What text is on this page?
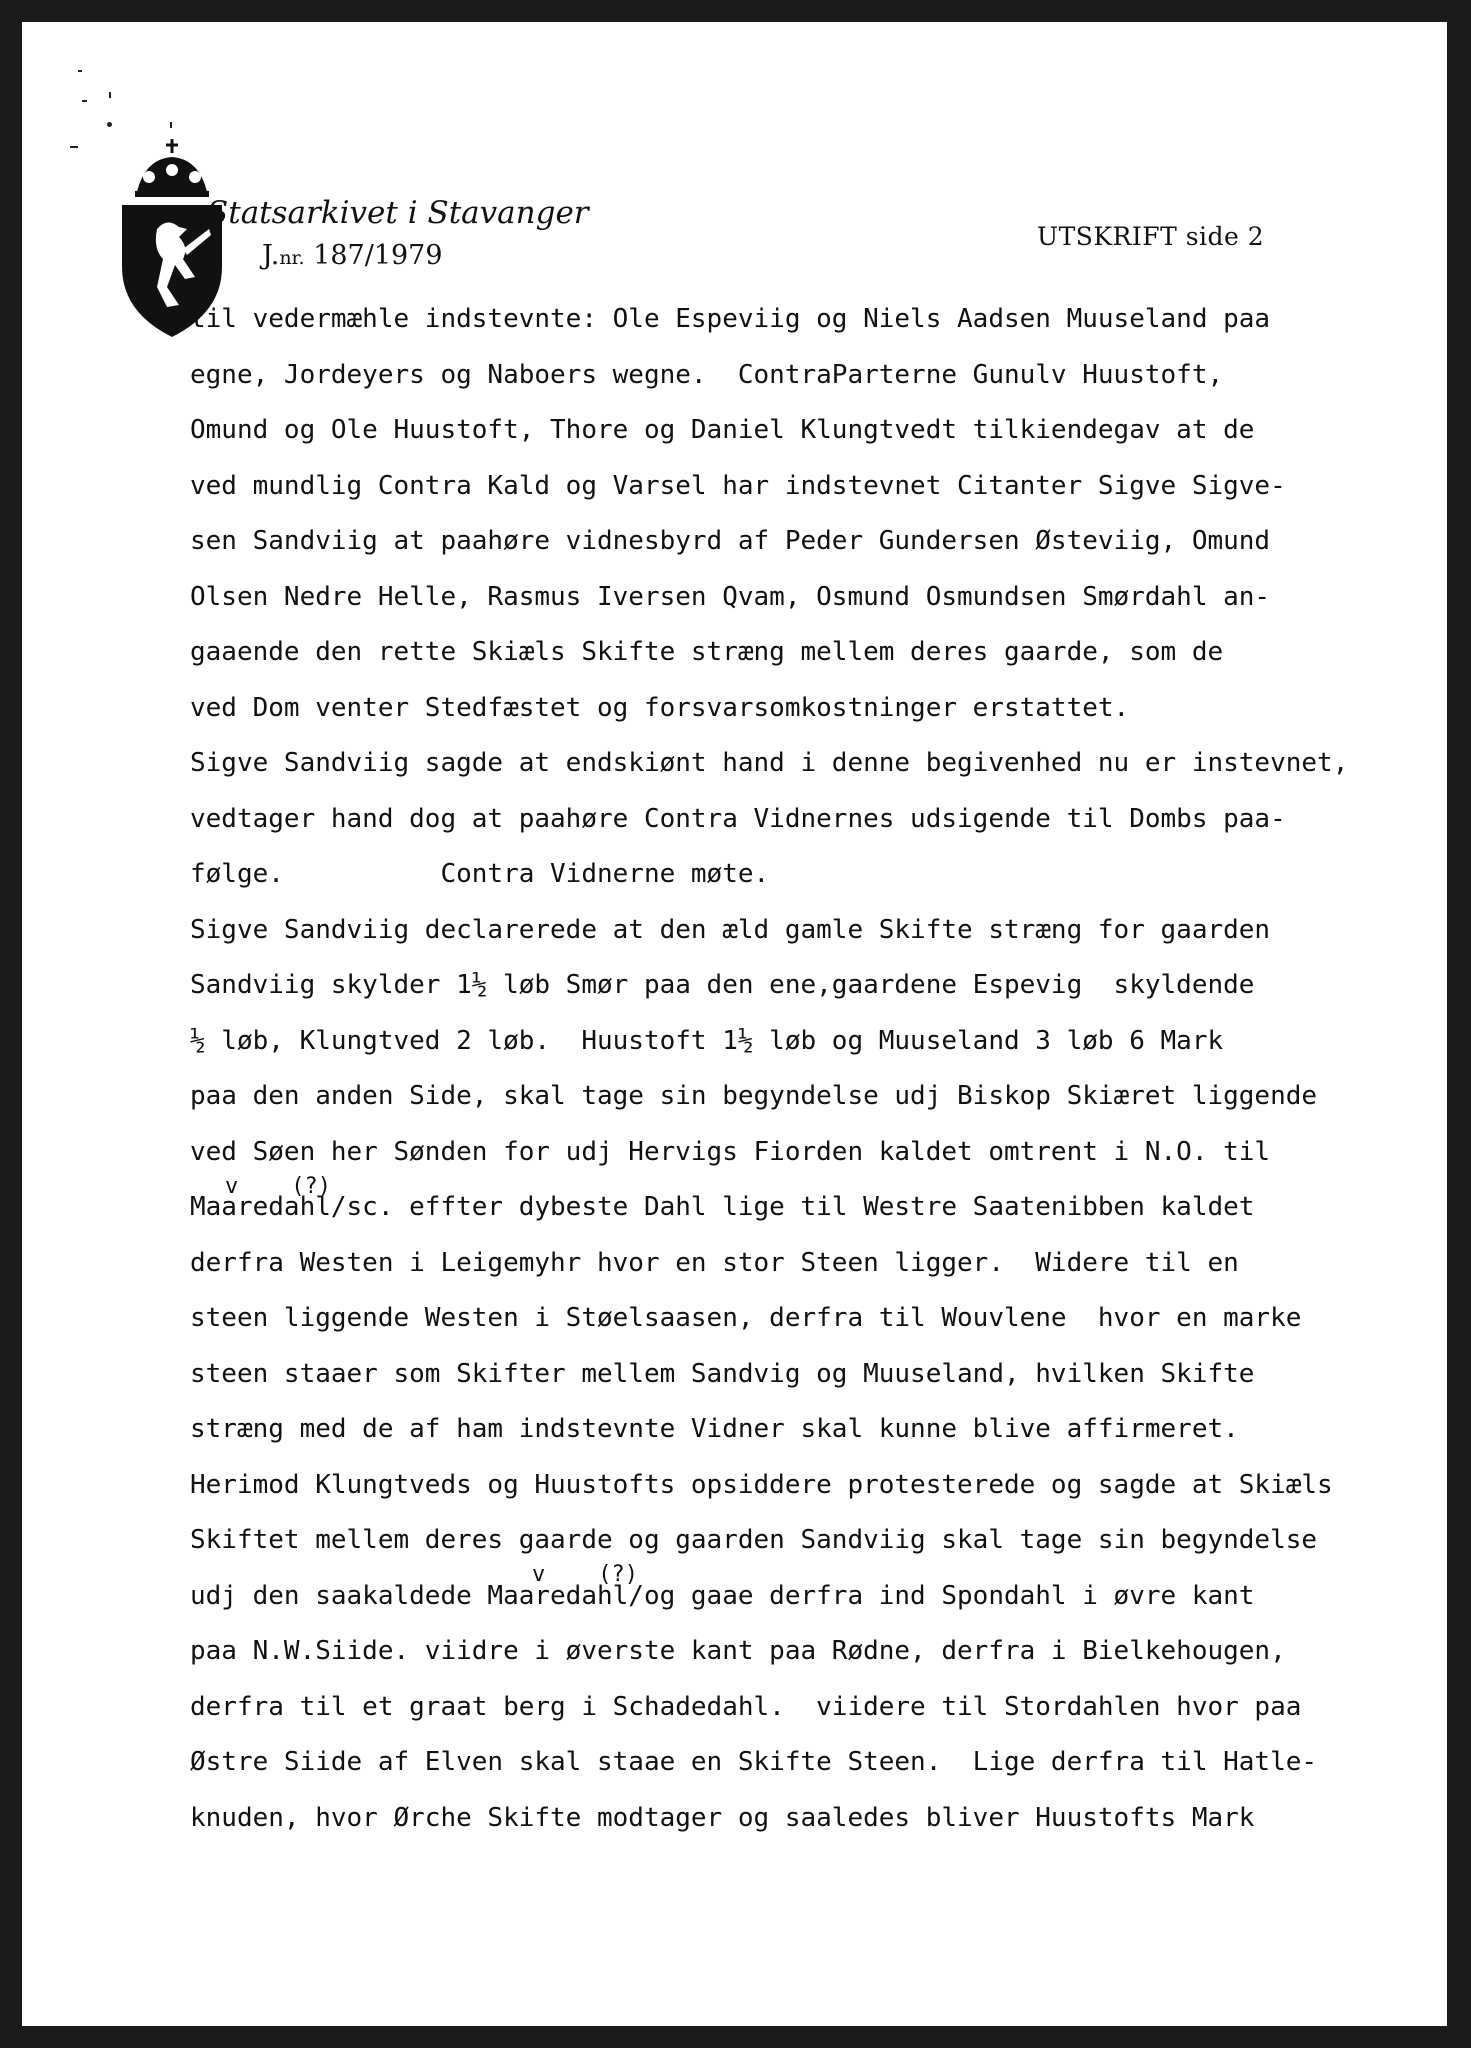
Statsarkivet i Stavanger
J.nr. 187/1979
UTSKRIFT side 2
til vedermæhle indstevnte: Ole Espeviig og Niels Aadsen Muuseland paa
egne, Jordeyers og Naboers wegne.  ContraParterne Gunulv Huustoft,
Omund og Ole Huustoft, Thore og Daniel Klungtvedt tilkiendegav at de
ved mundlig Contra Kald og Varsel har indstevnet Citanter Sigve Sigve-
sen Sandviig at paahøre vidnesbyrd af Peder Gundersen Østeviig, Omund
Olsen Nedre Helle, Rasmus Iversen Qvam, Osmund Osmundsen Smørdahl an-
gaaende den rette Skiæls Skifte stræng mellem deres gaarde, som de
ved Dom venter Stedfæstet og forsvarsomkostninger erstattet.
Sigve Sandviig sagde at endskiønt hand i denne begivenhed nu er instevnet,
vedtager hand dog at paahøre Contra Vidnernes udsigende til Dombs paa-
følge.          Contra Vidnerne møte.
Sigve Sandviig declarerede at den æld gamle Skifte stræng for gaarden
Sandviig skylder 1½ løb Smør paa den ene,gaardene Espevig  skyldende
½ løb, Klungtved 2 løb.  Huustoft 1½ løb og Muuseland 3 løb 6 Mark
paa den anden Side, skal tage sin begyndelse udj Biskop Skiæret liggende
ved Søen her Sønden for udj Hervigs Fiorden kaldet omtrent i N.O. til
Maaredahl/sc. effter dybeste Dahl lige til Westre Saatenibben kaldet
derfra Westen i Leigemyhr hvor en stor Steen ligger.  Widere til en
steen liggende Westen i Støelsaasen, derfra til Wouvlene  hvor en marke
steen staaer som Skifter mellem Sandvig og Muuseland, hvilken Skifte
stræng med de af ham indstevnte Vidner skal kunne blive affirmeret.
Herimod Klungtveds og Huustofts opsiddere protesterede og sagde at Skiæls
Skiftet mellem deres gaarde og gaarden Sandviig skal tage sin begyndelse
udj den saakaldede Maaredahl/og gaae derfra ind Spondahl i øvre kant
paa N.W.Siide. viidre i øverste kant paa Rødne, derfra i Bielkehougen,
derfra til et graat berg i Schadedahl.  viidere til Stordahlen hvor paa
Østre Siide af Elven skal staae en Skifte Steen.  Lige derfra til Hatle-
knuden, hvor Ørche Skifte modtager og saaledes bliver Huustofts Mark
v    (?)
v    (?)
